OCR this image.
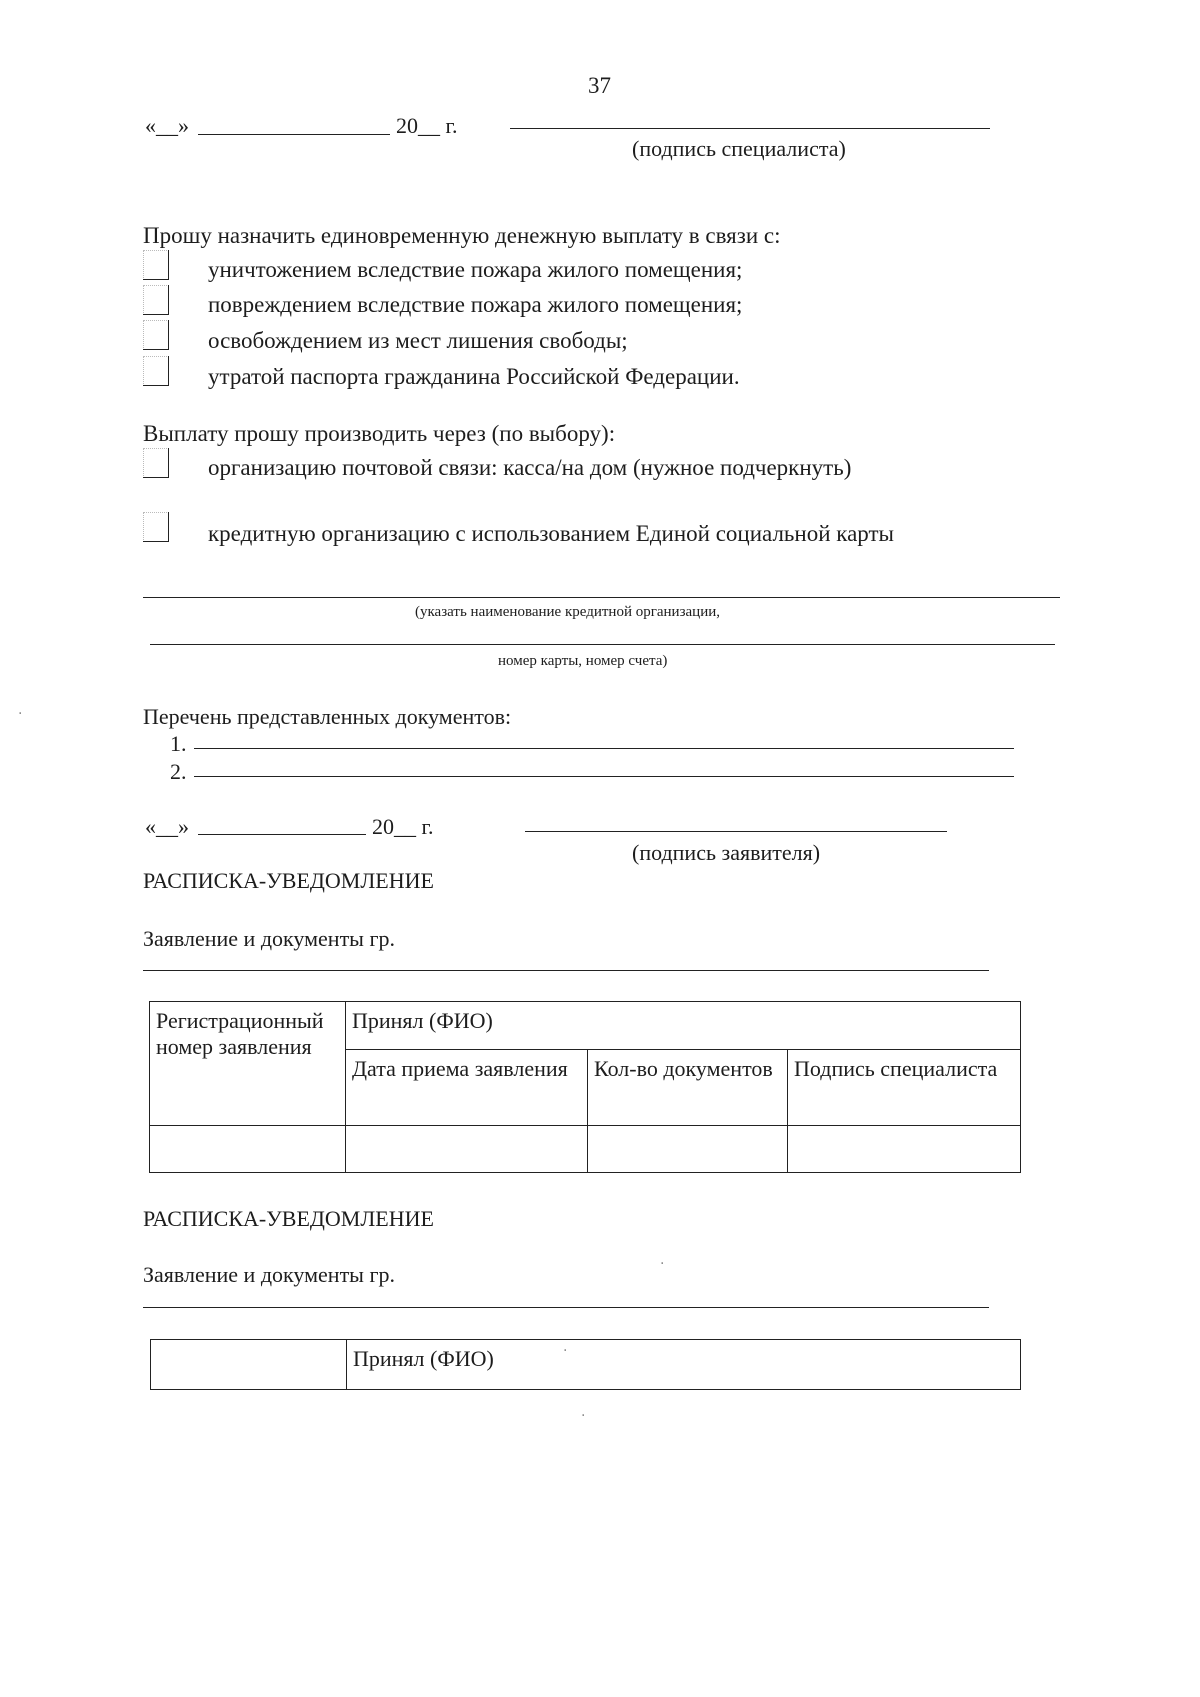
37
«__»	20__ г.
(подпись специалиста)
Прошу назначить единовременную денежную выплату в связи с:
уничтожением вследствие пожара жилого помещения;
повреждением вследствие пожара жилого помещения;
освобождением из мест лишения свободы;
утратой паспорта гражданина Российской Федерации.
Выплату прошу производить через (по выбору):
организацию почтовой связи: касса/на дом (нужное подчеркнуть)
кредитную организацию с использованием Единой социальной карты
(указать наименование кредитной организации,
номер карты, номер счета)
Перечень представленных документов:
1.
2.
«__»	20__ г.
(подпись заявителя)
РАСПИСКА-УВЕДОМЛЕНИЕ
Заявление и документы гр.
Регистрационный номер заявления	Принял (ФИО)		
	Дата приема заявления	Кол-во документов	Подпись специалиста

РАСПИСКА-УВЕДОМЛЕНИЕ
Заявление и документы гр.
	Принял (ФИО)
·
·
·
·
